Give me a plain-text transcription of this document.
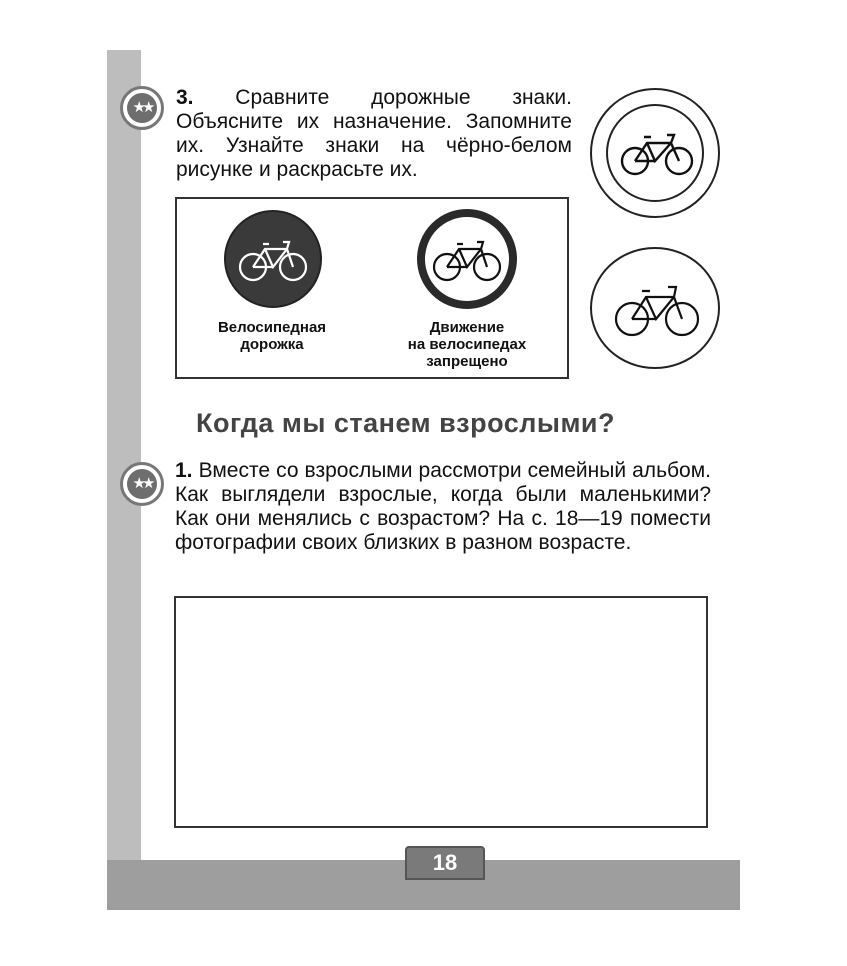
★★ 3. Сравните дорожные знаки. Объясните их назначение. Запомните их. Узнайте знаки на чёрно-белом рисунке и раскрасьте их.
Велосипедная
дорожка
Движение
на велосипедах
запрещено
Когда мы станем взрослыми?
★★
1. Вместе со взрослыми рассмотри семейный альбом. Как выглядели взрослые, когда были маленькими? Как они менялись с возрастом? На с. 18—19 помести фотографии своих близких в разном возрасте.
18
